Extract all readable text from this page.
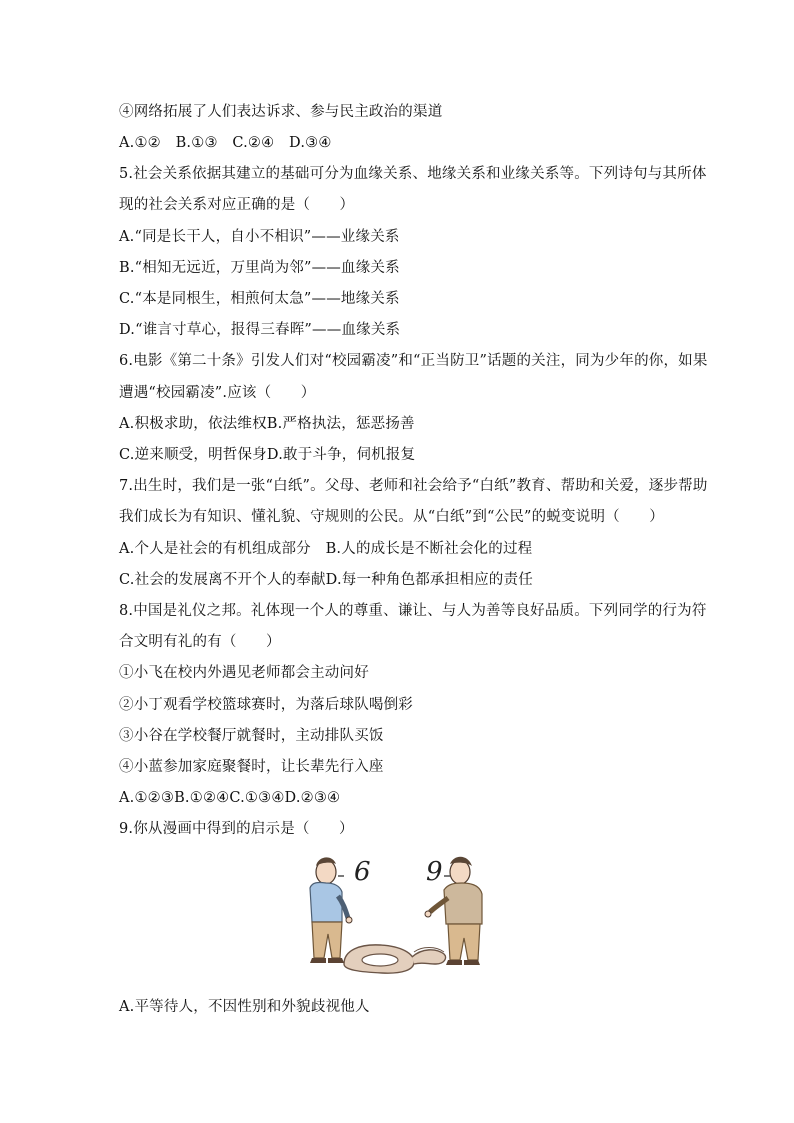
④网络拓展了人们表达诉求、参与民主政治的渠道
A.①②　B.①③　C.②④　D.③④
5.社会关系依据其建立的基础可分为血缘关系、地缘关系和业缘关系等。下列诗句与其所体
现的社会关系对应正确的是（　　）
A.“同是长干人，自小不相识”——业缘关系
B.“相知无远近，万里尚为邻”——血缘关系
C.“本是同根生，相煎何太急”——地缘关系
D.“谁言寸草心，报得三春晖”——血缘关系
6.电影《第二十条》引发人们对“校园霸凌”和“正当防卫”话题的关注，同为少年的你，如果
遭遇“校园霸凌”.应该（　　）
A.积极求助，依法维权B.严格执法，惩恶扬善
C.逆来顺受，明哲保身D.敢于斗争，伺机报复
7.出生时，我们是一张“白纸”。父母、老师和社会给予“白纸”教育、帮助和关爱，逐步帮助
我们成长为有知识、懂礼貌、守规则的公民。从“白纸”到“公民”的蜕变说明（　　）
A.个人是社会的有机组成部分　B.人的成长是不断社会化的过程
C.社会的发展离不开个人的奉献D.每一种角色都承担相应的责任
8.中国是礼仪之邦。礼体现一个人的尊重、谦让、与人为善等良好品质。下列同学的行为符
合文明有礼的有（　　）
①小飞在校内外遇见老师都会主动问好
②小丁观看学校篮球赛时，为落后球队喝倒彩
③小谷在学校餐厅就餐时，主动排队买饭
④小蓝参加家庭聚餐时，让长辈先行入座
A.①②③B.①②④C.①③④D.②③④
9.你从漫画中得到的启示是（　　）
6 9
A.平等待人，不因性别和外貌歧视他人
